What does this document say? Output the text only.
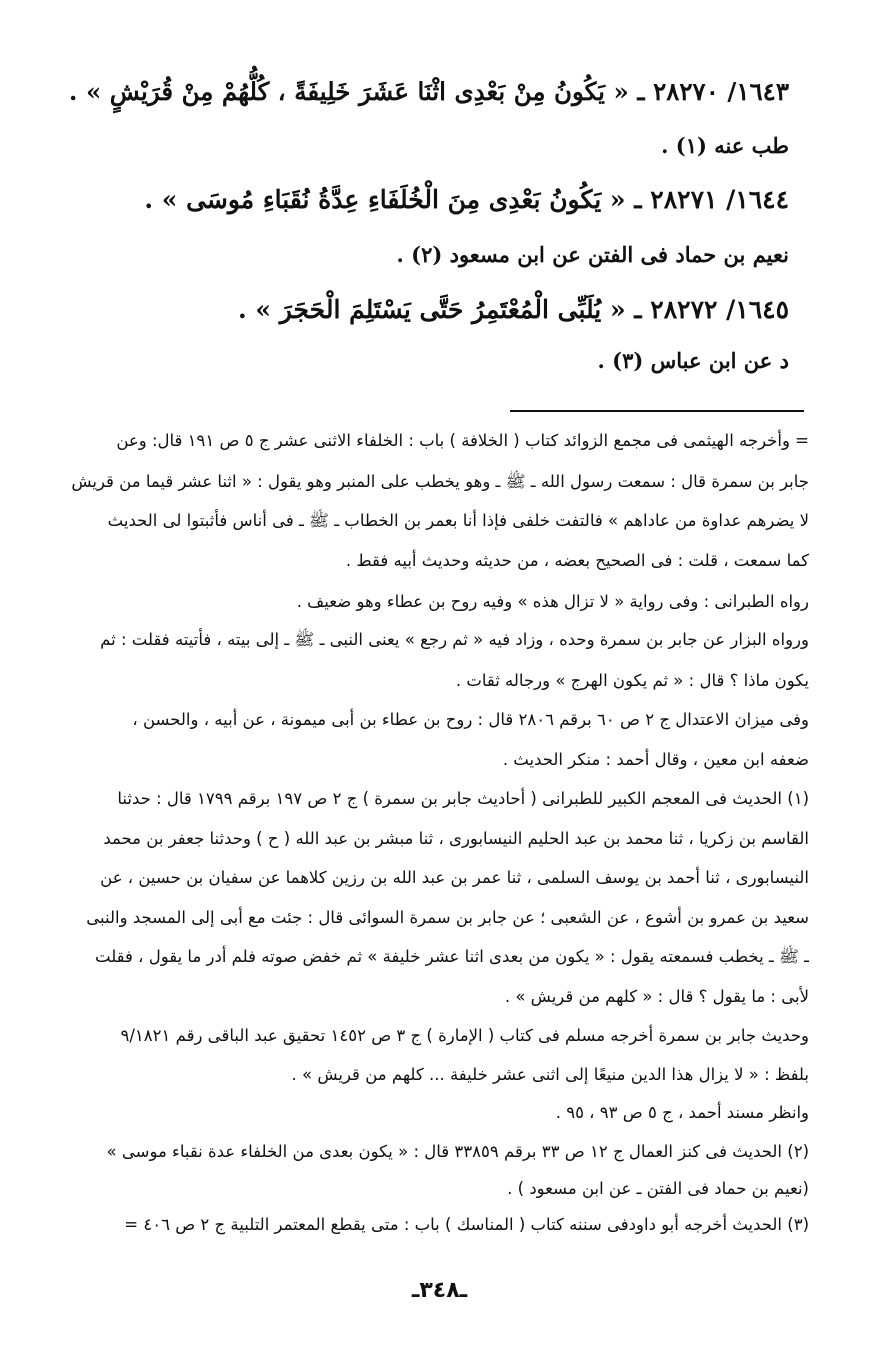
١٦٤٣/ ٢٨٢٧٠ ـ « يَكُونُ مِنْ بَعْدِى اثْنَا عَشَرَ خَلِيفَةً ، كُلُّهُمْ مِنْ قُرَيْشٍ » .
طب عنه (١) .
١٦٤٤/ ٢٨٢٧١ ـ « يَكُونُ بَعْدِى مِنَ الْخُلَفَاءِ عِدَّةُ نُقَبَاءِ مُوسَى » .
نعيم بن حماد فى الفتن عن ابن مسعود (٢) .
١٦٤٥/ ٢٨٢٧٢ ـ « يُلَبِّى الْمُعْتَمِرُ حَتَّى يَسْتَلِمَ الْحَجَرَ » .
د عن ابن عباس (٣) .
= وأخرجه الهيثمى فى مجمع الزوائد كتاب ( الخلافة ) باب : الخلفاء الاثنى عشر ج ٥ ص ١٩١ قال: وعن
جابر بن سمرة قال : سمعت رسول الله ـ ﷺ ـ وهو يخطب على المنبر وهو يقول : « اثنا عشر قيما من قريش
لا يضرهم عداوة من عاداهم » فالتفت خلفى فإذا أنا بعمر بن الخطاب ـ ﷺ ـ فى أناس فأثبتوا لى الحديث
كما سمعت ، قلت : فى الصحيح بعضه ، من حديثه وحديث أبيه فقط .
رواه الطبرانى : وفى رواية « لا تزال هذه » وفيه روح بن عطاء وهو ضعيف .
ورواه البزار عن جابر بن سمرة وحده ، وزاد فيه « ثم رجع » يعنى النبى ـ ﷺ ـ إلى بيته ، فأتيته فقلت : ثم
يكون ماذا ؟ قال : « ثم يكون الهرج » ورجاله ثقات .
وفى ميزان الاعتدال ج ٢ ص ٦٠ برقم ٢٨٠٦ قال : روح بن عطاء بن أبى ميمونة ، عن أبيه ، والحسن ،
ضعفه ابن معين ، وقال أحمد : منكر الحديث .
(١) الحديث فى المعجم الكبير للطبرانى ( أحاديث جابر بن سمرة ) ج ٢ ص ١٩٧ برقم ١٧٩٩ قال : حدثنا
القاسم بن زكريا ، ثنا محمد بن عبد الحليم النيسابورى ، ثنا مبشر بن عبد الله ( ح ) وحدثنا جعفر بن محمد
النيسابورى ، ثنا أحمد بن يوسف السلمى ، ثنا عمر بن عبد الله بن رزين كلاهما عن سفيان بن حسين ، عن
سعيد بن عمرو بن أشوع ، عن الشعبى ؛ عن جابر بن سمرة السوائى قال : جئت مع أبى إلى المسجد والنبى
ـ ﷺ ـ يخطب فسمعته يقول : « يكون من بعدى اثنا عشر خليفة » ثم خفض صوته فلم أدر ما يقول ، فقلت
لأبى : ما يقول ؟ قال : « كلهم من قريش » .
وحديث جابر بن سمرة أخرجه مسلم فى كتاب ( الإمارة ) ج ٣ ص ١٤٥٢ تحقيق عبد الباقى رقم ٩/١٨٢١
بلفظ : « لا يزال هذا الدين منيعًا إلى اثنى عشر خليفة ... كلهم من قريش » .
وانظر مسند أحمد ، ج ٥ ص ٩٣ ، ٩٥ .
(٢) الحديث فى كنز العمال ج ١٢ ص ٣٣ برقم ٣٣٨٥٩ قال : « يكون بعدى من الخلفاء عدة نقباء موسى »
(نعيم بن حماد فى الفتن ـ عن ابن مسعود ) .
(٣) الحديث أخرجه أبو داودفى سننه كتاب ( المناسك ) باب : متى يقطع المعتمر التلبية ج ٢ ص ٤٠٦ =
ـ٣٤٨ـ
